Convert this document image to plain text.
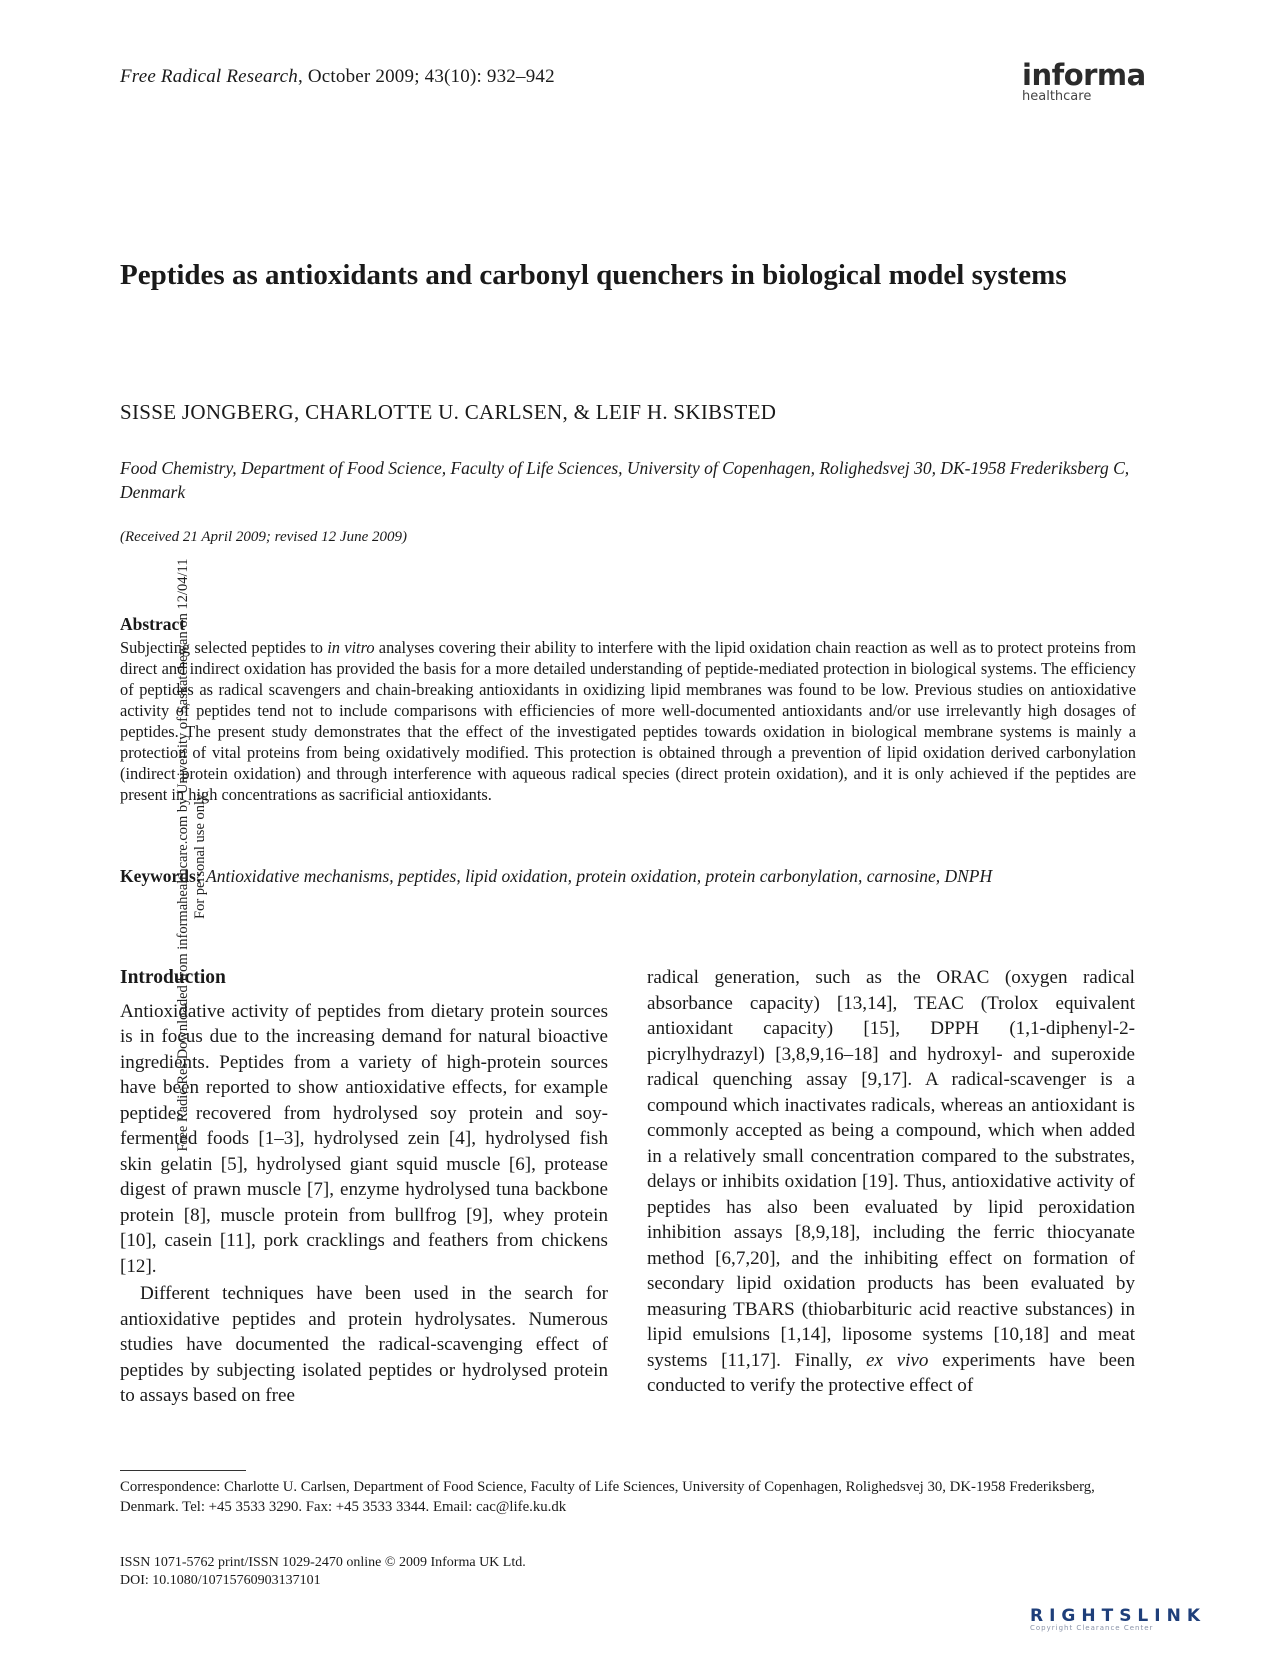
Free Radical Research, October 2009; 43(10): 932–942	informa
healthcare
Peptides as antioxidants and carbonyl quenchers in biological model systems
SISSE JONGBERG, CHARLOTTE U. CARLSEN, & LEIF H. SKIBSTED
Food Chemistry, Department of Food Science, Faculty of Life Sciences, University of Copenhagen, Rolighedsvej 30, DK-1958 Frederiksberg C, Denmark
(Received 21 April 2009; revised 12 June 2009)
Abstract
Subjecting selected peptides to in vitro analyses covering their ability to interfere with the lipid oxidation chain reaction as well as to protect proteins from direct and indirect oxidation has provided the basis for a more detailed understanding of peptide-mediated protection in biological systems. The efficiency of peptides as radical scavengers and chain-breaking antioxidants in oxidizing lipid membranes was found to be low. Previous studies on antioxidative activity of peptides tend not to include comparisons with efficiencies of more well-documented antioxidants and/or use irrelevantly high dosages of peptides. The present study demonstrates that the effect of the investigated peptides towards oxidation in biological membrane systems is mainly a protection of vital proteins from being oxidatively modified. This protection is obtained through a prevention of lipid oxidation derived carbonylation (indirect protein oxidation) and through interference with aqueous radical species (direct protein oxidation), and it is only achieved if the peptides are present in high concentrations as sacrificial antioxidants.
Keywords: Antioxidative mechanisms, peptides, lipid oxidation, protein oxidation, protein carbonylation, carnosine, DNPH
Introduction

Antioxidative activity of peptides from dietary protein sources is in focus due to the increasing demand for natural bioactive ingredients. Peptides from a variety of high-protein sources have been reported to show antioxidative effects, for example peptides recovered from hydrolysed soy protein and soy-fermented foods [1–3], hydrolysed zein [4], hydrolysed fish skin gelatin [5], hydrolysed giant squid muscle [6], protease digest of prawn muscle [7], enzyme hydrolysed tuna backbone protein [8], muscle protein from bullfrog [9], whey protein [10], casein [11], pork cracklings and feathers from chickens [12].

Different techniques have been used in the search for antioxidative peptides and protein hydrolysates. Numerous studies have documented the radical-scavenging effect of peptides by subjecting isolated peptides or hydrolysed protein to assays based on free

radical generation, such as the ORAC (oxygen radical absorbance capacity) [13,14], TEAC (Trolox equivalent antioxidant capacity) [15], DPPH (1,1-diphenyl-2-picrylhydrazyl) [3,8,9,16–18] and hydroxyl- and superoxide radical quenching assay [9,17]. A radical-scavenger is a compound which inactivates radicals, whereas an antioxidant is commonly accepted as being a compound, which when added in a relatively small concentration compared to the substrates, delays or inhibits oxidation [19]. Thus, antioxidative activity of peptides has also been evaluated by lipid peroxidation inhibition assays [8,9,18], including the ferric thiocyanate method [6,7,20], and the inhibiting effect on formation of secondary lipid oxidation products has been evaluated by measuring TBARS (thiobarbituric acid reactive substances) in lipid emulsions [1,14], liposome systems [10,18] and meat systems [11,17]. Finally, ex vivo experiments have been conducted to verify the protective effect of

Correspondence: Charlotte U. Carlsen, Department of Food Science, Faculty of Life Sciences, University of Copenhagen, Rolighedsvej 30, DK-1958 Frederiksberg, Denmark. Tel: +45 3533 3290. Fax: +45 3533 3344. Email: cac@life.ku.dk
ISSN 1071-5762 print/ISSN 1029-2470 online © 2009 Informa UK Ltd.
DOI: 10.1080/10715760903137101
Free Radic Res Downloaded from informahealthcare.com by University of Saskatchewan on 12/04/11 For personal use only.
RIGHTSLINK
Copyright Clearance Center
